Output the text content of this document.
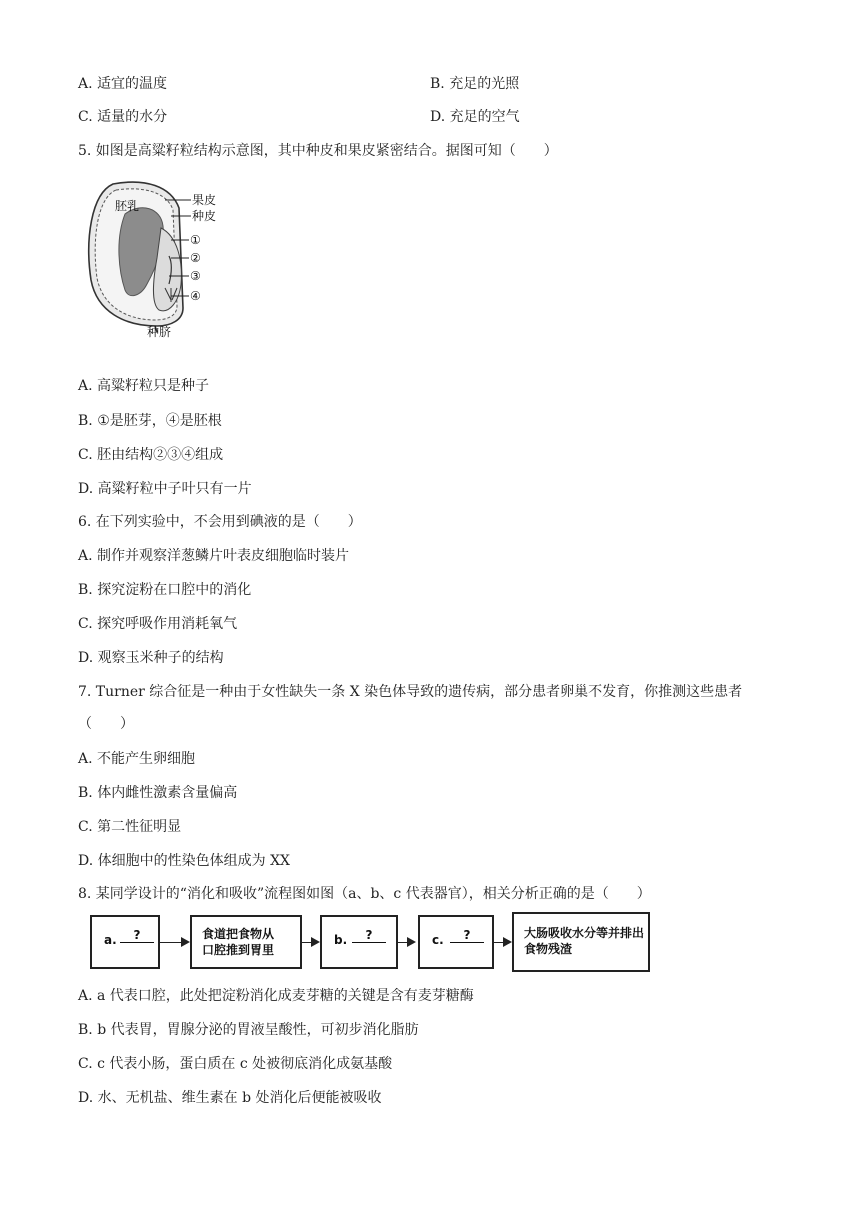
A. 适宜的温度	B. 充足的光照
C. 适量的水分	D. 充足的空气
5. 如图是高粱籽粒结构示意图，其中种皮和果皮紧密结合。据图可知（　　）
胚乳	果皮
种皮
①
②
③
④
种脐
A. 高粱籽粒只是种子
B. ①是胚芽，④是胚根
C. 胚由结构②③④组成
D. 高粱籽粒中子叶只有一片
6. 在下列实验中，不会用到碘液的是（　　）
A. 制作并观察洋葱鳞片叶表皮细胞临时装片
B. 探究淀粉在口腔中的消化
C. 探究呼吸作用消耗氧气
D. 观察玉米种子的结构
7. Turner 综合征是一种由于女性缺失一条 X 染色体导致的遗传病，部分患者卵巢不发育，你推测这些患者
（　　）
A. 不能产生卵细胞
B. 体内雌性激素含量偏高
C. 第二性征明显
D. 体细胞中的性染色体组成为 XX
8. 某同学设计的“消化和吸收”流程图如图（a、b、c 代表器官），相关分析正确的是（　　）
a.	?	食道把食物从
口腔推到胃里
b.	?	c.	?	大肠吸收水分等并排出
食物残渣
A. a 代表口腔，此处把淀粉消化成麦芽糖的关键是含有麦芽糖酶
B. b 代表胃，胃腺分泌的胃液呈酸性，可初步消化脂肪
C. c 代表小肠，蛋白质在 c 处被彻底消化成氨基酸
D. 水、无机盐、维生素在 b 处消化后便能被吸收
